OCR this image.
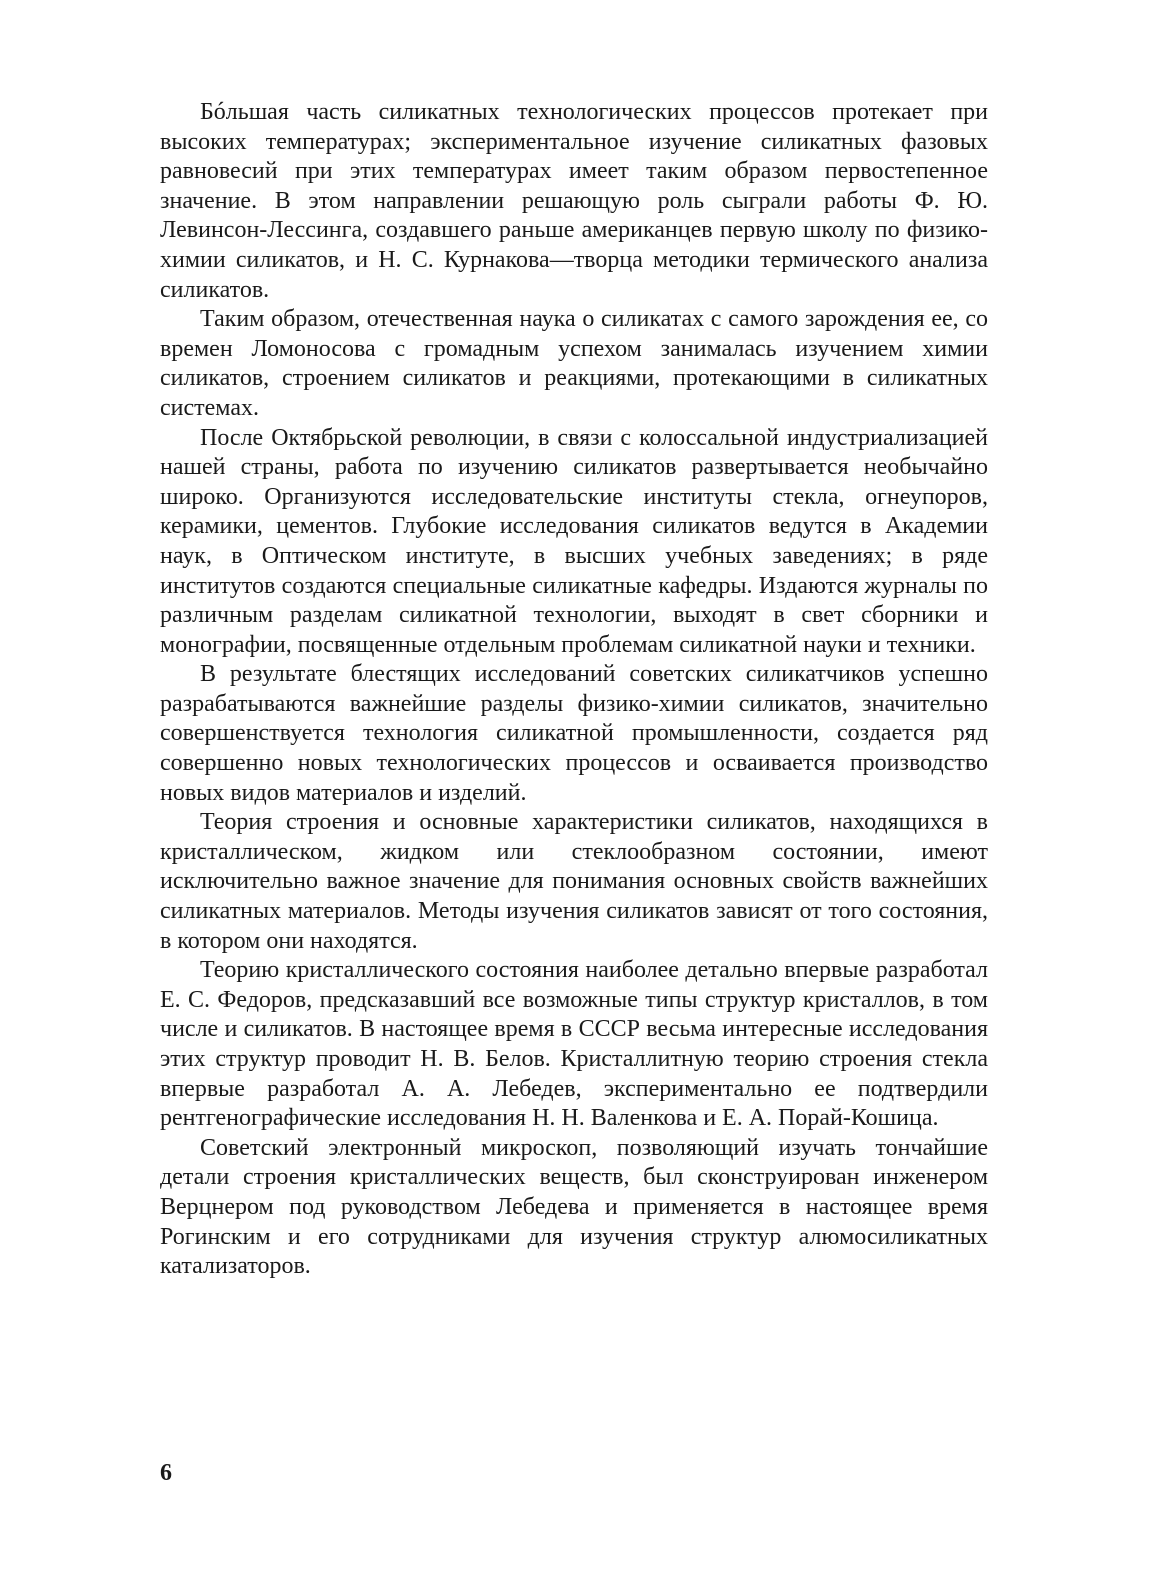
Бóльшая часть силикатных технологических процессов протекает при высоких температурах; экспериментальное изучение силикатных фазовых равновесий при этих температурах имеет таким образом первостепенное значение. В этом направлении решающую роль сыграли работы Ф. Ю. Левинсон-Лессинга, создавшего раньше американцев первую школу по физико-химии силикатов, и Н. С. Курнакова—творца методики термического анализа силикатов.

Таким образом, отечественная наука о силикатах с самого зарождения ее, со времен Ломоносова с громадным успехом занималась изучением химии силикатов, строением силикатов и реакциями, протекающими в силикатных системах.

После Октябрьской революции, в связи с колоссальной индустриализацией нашей страны, работа по изучению силикатов развертывается необычайно широко. Организуются исследовательские институты стекла, огнеупоров, керамики, цементов. Глубокие исследования силикатов ведутся в Академии наук, в Оптическом институте, в высших учебных заведениях; в ряде институтов создаются специальные силикатные кафедры. Издаются журналы по различным разделам силикатной технологии, выходят в свет сборники и монографии, посвященные отдельным проблемам силикатной науки и техники.

В результате блестящих исследований советских силикатчиков успешно разрабатываются важнейшие разделы физико-химии силикатов, значительно совершенствуется технология силикатной промышленности, создается ряд совершенно новых технологических процессов и осваивается производство новых видов материалов и изделий.

Теория строения и основные характеристики силикатов, находящихся в кристаллическом, жидком или стеклообразном состоянии, имеют исключительно важное значение для понимания основных свойств важнейших силикатных материалов. Методы изучения силикатов зависят от того состояния, в котором они находятся.

Теорию кристаллического состояния наиболее детально впервые разработал Е. С. Федоров, предсказавший все возможные типы структур кристаллов, в том числе и силикатов. В настоящее время в СССР весьма интересные исследования этих структур проводит Н. В. Белов. Кристаллитную теорию строения стекла впервые разработал А. А. Лебедев, экспериментально ее подтвердили рентгенографические исследования Н. Н. Валенкова и Е. А. Порай-Кошица.

Советский электронный микроскоп, позволяющий изучать тончайшие детали строения кристаллических веществ, был сконструирован инженером Верцнером под руководством Лебедева и применяется в настоящее время Рогинским и его сотрудниками для изучения структур алюмосиликатных катализаторов.

6
